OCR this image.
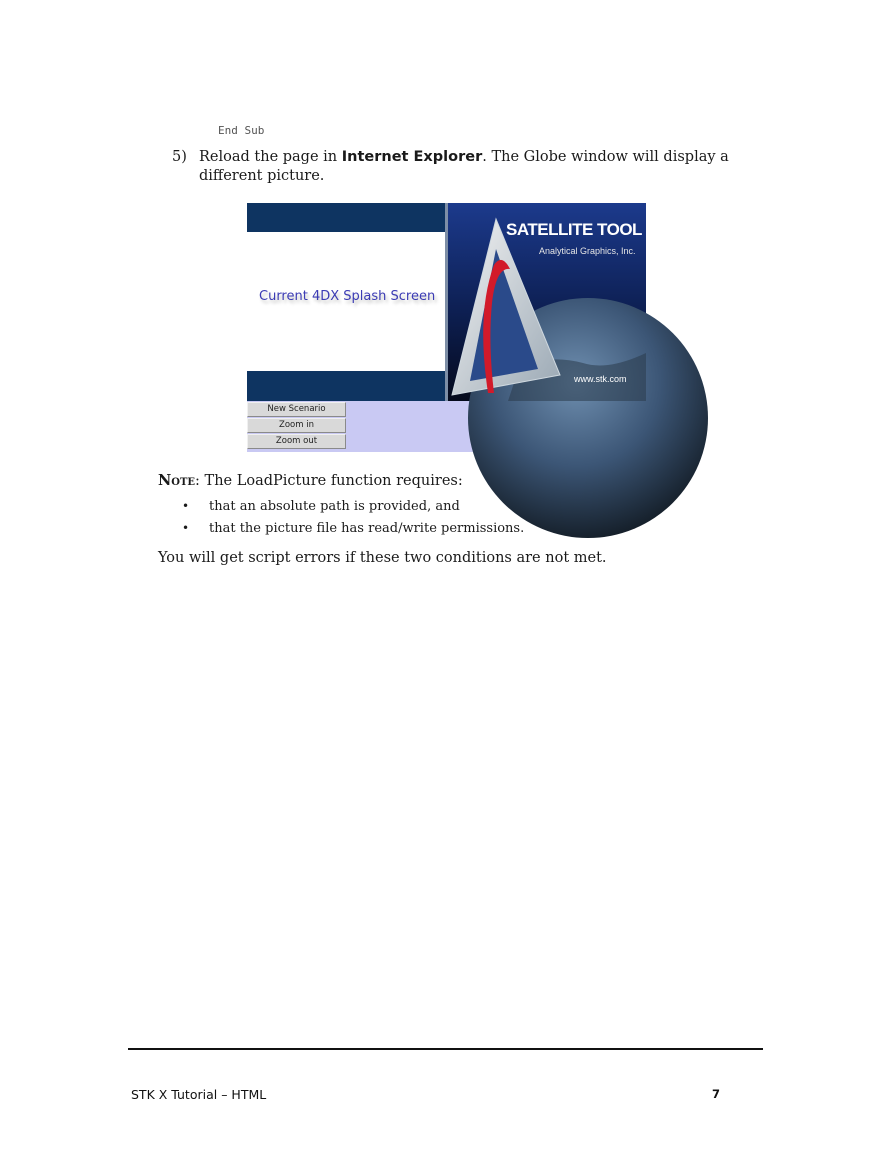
End Sub
5) Reload the page in Internet Explorer. The Globe window will display a different picture.
Current 4DX Splash Screen
SATELLITE TOOL KIT
Analytical Graphics, Inc.
www.stk.com
New Scenario
Zoom in
Zoom out
Note: The LoadPicture function requires:
• that an absolute path is provided, and
• that the picture file has read/write permissions.
You will get script errors if these two conditions are not met.
STK X Tutorial – HTML	7
